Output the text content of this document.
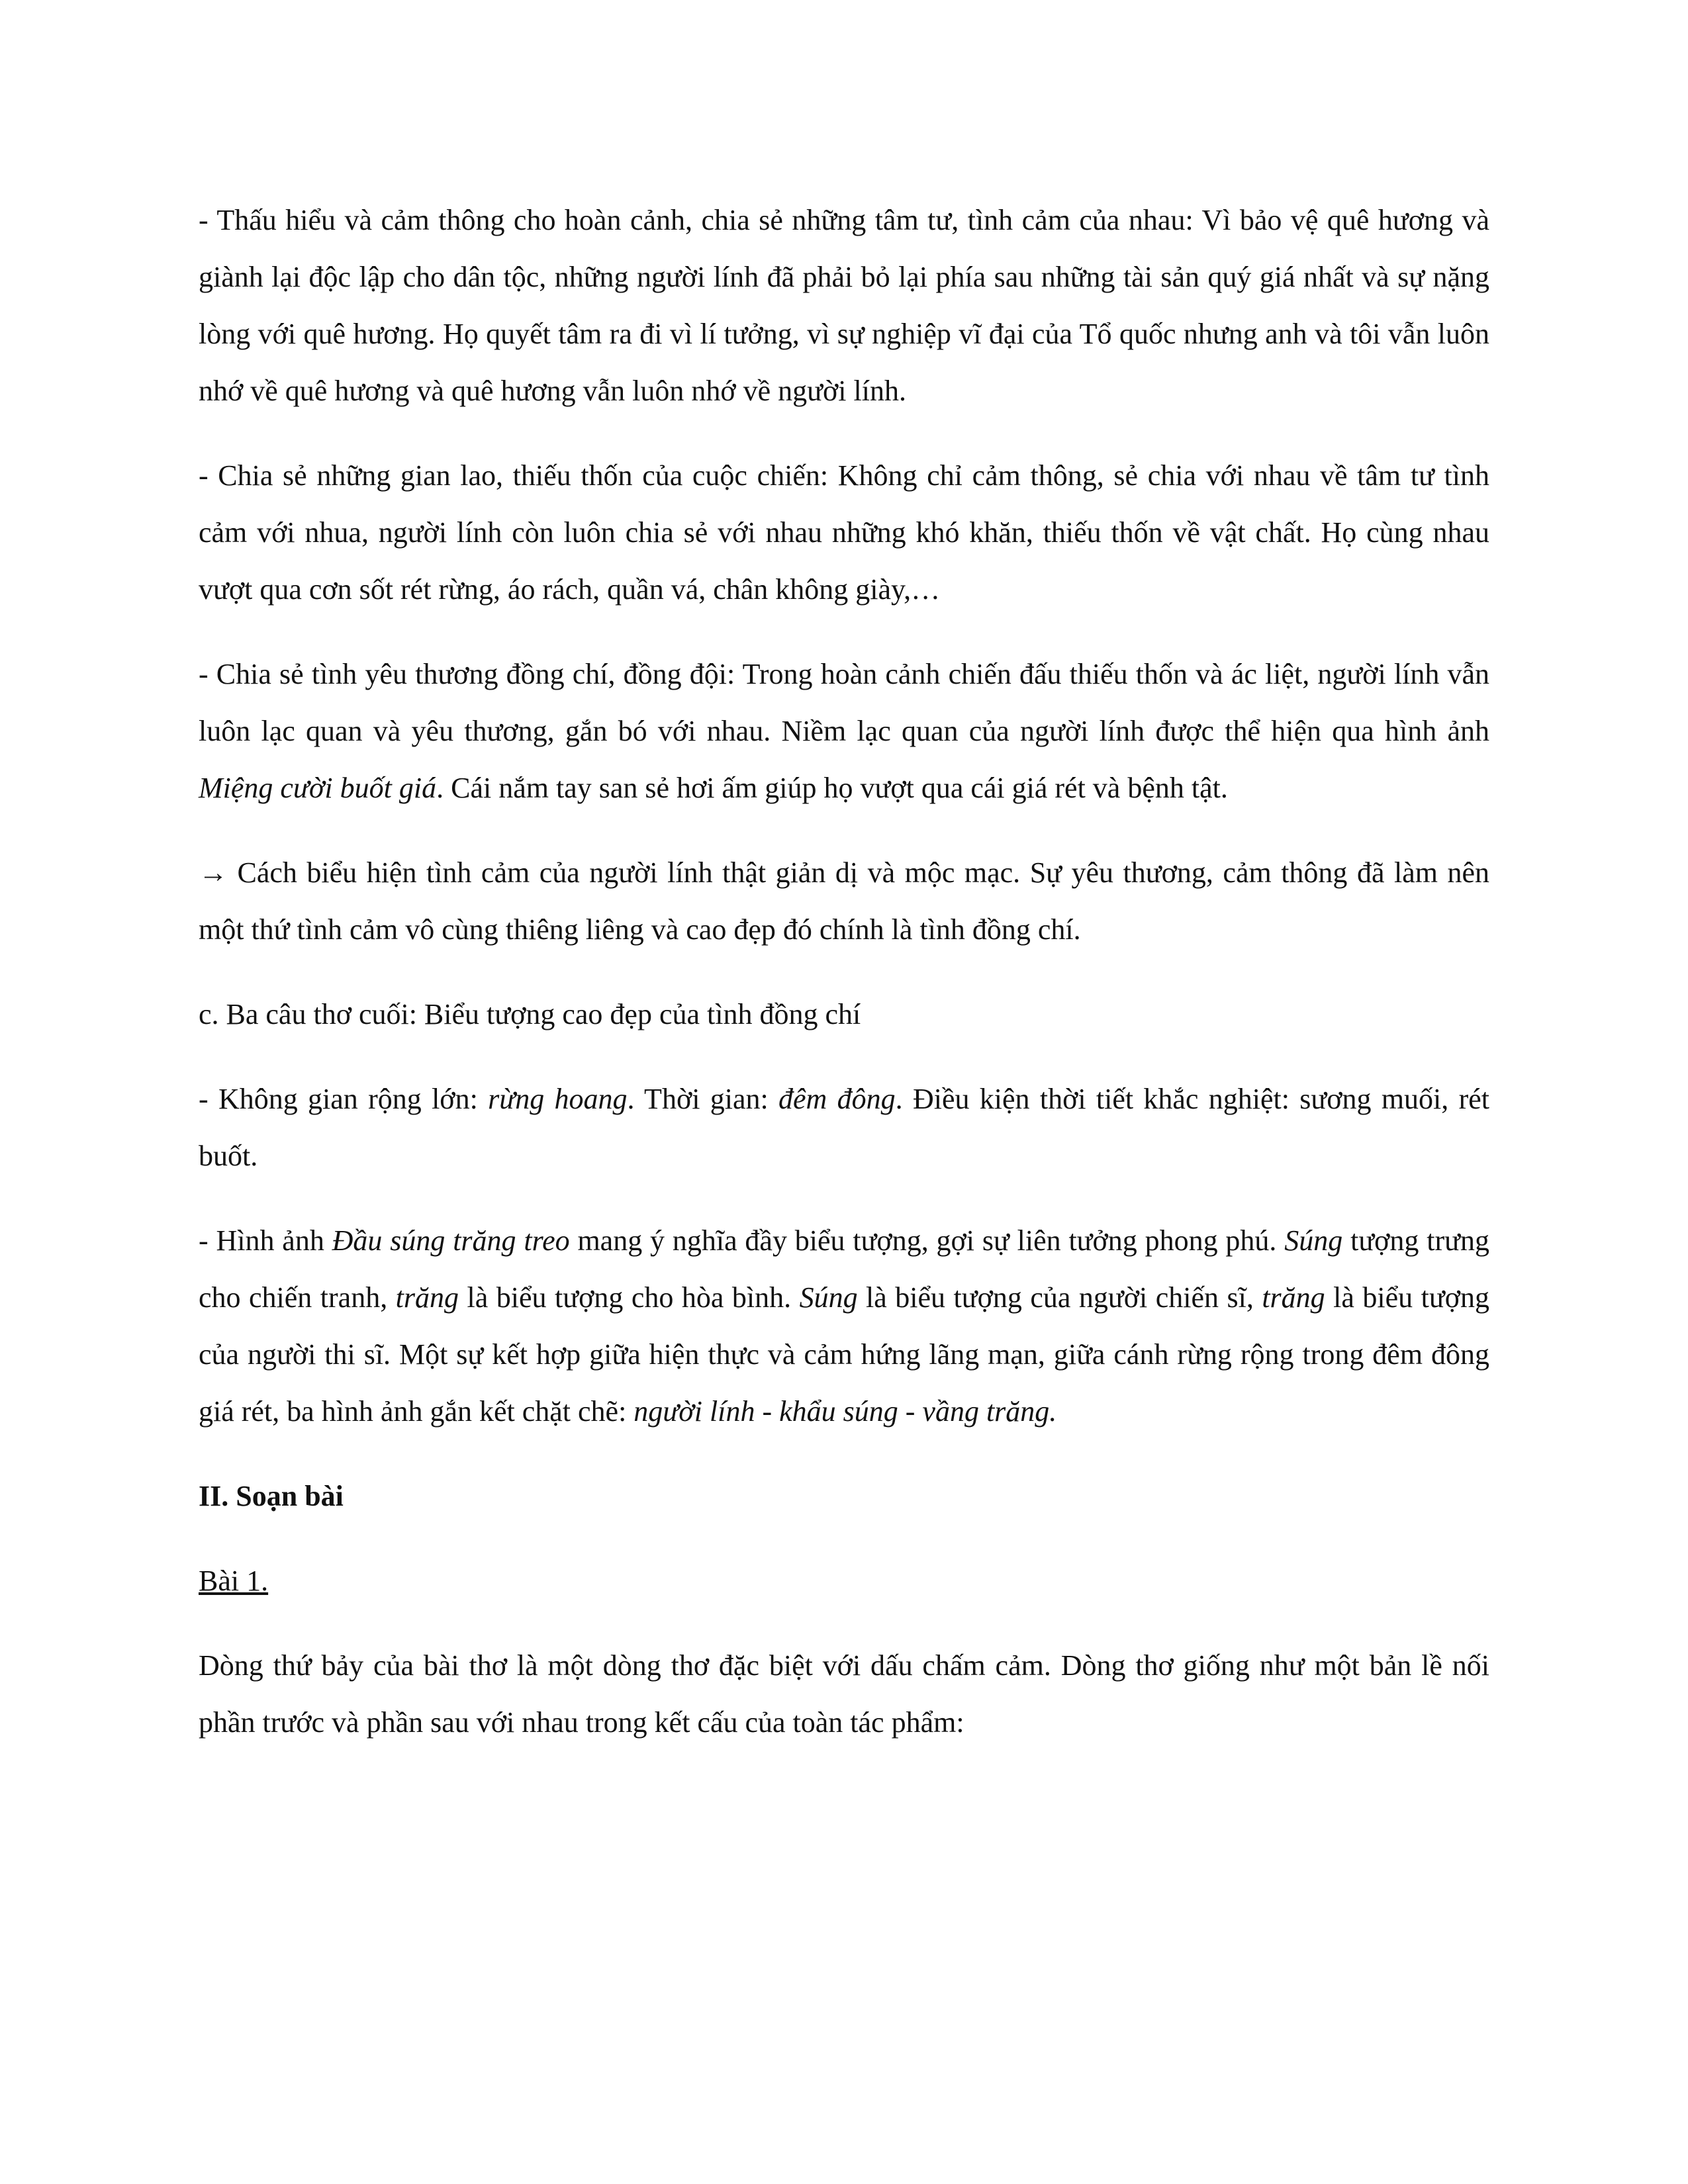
- Thấu hiểu và cảm thông cho hoàn cảnh, chia sẻ những tâm tư, tình cảm của nhau: Vì bảo vệ quê hương và giành lại độc lập cho dân tộc, những người lính đã phải bỏ lại phía sau những tài sản quý giá nhất và sự nặng lòng với quê hương. Họ quyết tâm ra đi vì lí tưởng, vì sự nghiệp vĩ đại của Tổ quốc nhưng anh và tôi vẫn luôn nhớ về quê hương và quê hương vẫn luôn nhớ về người lính.

- Chia sẻ những gian lao, thiếu thốn của cuộc chiến: Không chỉ cảm thông, sẻ chia với nhau về tâm tư tình cảm với nhua, người lính còn luôn chia sẻ với nhau những khó khăn, thiếu thốn về vật chất. Họ cùng nhau vượt qua cơn sốt rét rừng, áo rách, quần vá, chân không giày,…

- Chia sẻ tình yêu thương đồng chí, đồng đội: Trong hoàn cảnh chiến đấu thiếu thốn và ác liệt, người lính vẫn luôn lạc quan và yêu thương, gắn bó với nhau. Niềm lạc quan của người lính được thể hiện qua hình ảnh Miệng cười buốt giá. Cái nắm tay san sẻ hơi ấm giúp họ vượt qua cái giá rét và bệnh tật.

→ Cách biểu hiện tình cảm của người lính thật giản dị và mộc mạc. Sự yêu thương, cảm thông đã làm nên một thứ tình cảm vô cùng thiêng liêng và cao đẹp đó chính là tình đồng chí.

c. Ba câu thơ cuối: Biểu tượng cao đẹp của tình đồng chí

- Không gian rộng lớn: rừng hoang. Thời gian: đêm đông. Điều kiện thời tiết khắc nghiệt: sương muối, rét buốt.

- Hình ảnh Đầu súng trăng treo mang ý nghĩa đầy biểu tượng, gợi sự liên tưởng phong phú. Súng tượng trưng cho chiến tranh, trăng là biểu tượng cho hòa bình. Súng là biểu tượng của người chiến sĩ, trăng là biểu tượng của người thi sĩ. Một sự kết hợp giữa hiện thực và cảm hứng lãng mạn, giữa cánh rừng rộng trong đêm đông giá rét, ba hình ảnh gắn kết chặt chẽ: người lính - khẩu súng - vầng trăng.

II. Soạn bài

Bài 1.

Dòng thứ bảy của bài thơ là một dòng thơ đặc biệt với dấu chấm cảm. Dòng thơ giống như một bản lề nối phần trước và phần sau với nhau trong kết cấu của toàn tác phẩm:
